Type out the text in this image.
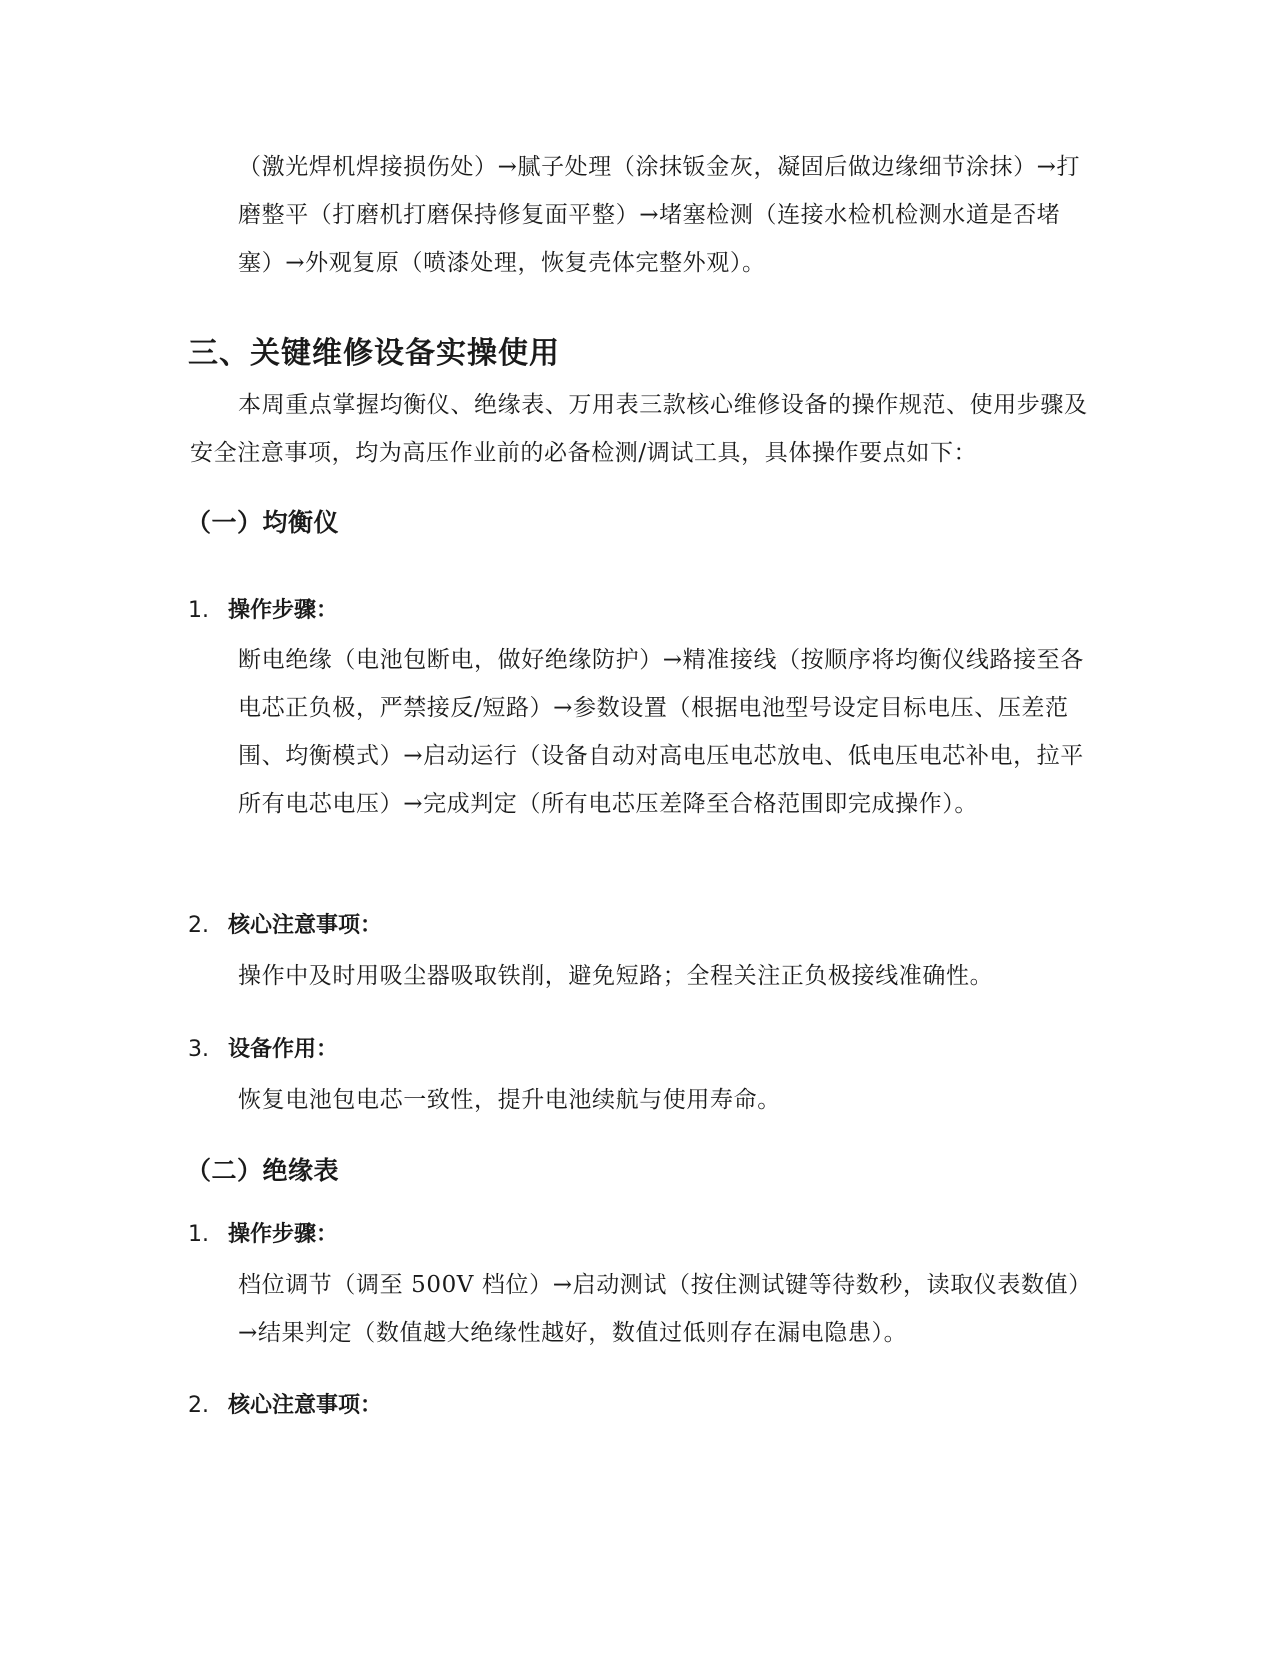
（激光焊机焊接损伤处）→腻子处理（涂抹钣金灰，凝固后做边缘细节涂抹）→打磨整平（打磨机打磨保持修复面平整）→堵塞检测（连接水检机检测水道是否堵塞）→外观复原（喷漆处理，恢复壳体完整外观）。

三、关键维修设备实操使用

本周重点掌握均衡仪、绝缘表、万用表三款核心维修设备的操作规范、使用步骤及安全注意事项，均为高压作业前的必备检测/调试工具，具体操作要点如下：

（一）均衡仪
1. 操作步骤：

断电绝缘（电池包断电，做好绝缘防护）→精准接线（按顺序将均衡仪线路接至各电芯正负极，严禁接反/短路）→参数设置（根据电池型号设定目标电压、压差范围、均衡模式）→启动运行（设备自动对高电压电芯放电、低电压电芯补电，拉平所有电芯电压）→完成判定（所有电芯压差降至合格范围即完成操作）。

2. 核心注意事项：

操作中及时用吸尘器吸取铁削，避免短路；全程关注正负极接线准确性。

3. 设备作用：

恢复电池包电芯一致性，提升电池续航与使用寿命。

（二）绝缘表
1. 操作步骤：

档位调节（调至 500V 档位）→启动测试（按住测试键等待数秒，读取仪表数值）→结果判定（数值越大绝缘性越好，数值过低则存在漏电隐患）。

2. 核心注意事项：
